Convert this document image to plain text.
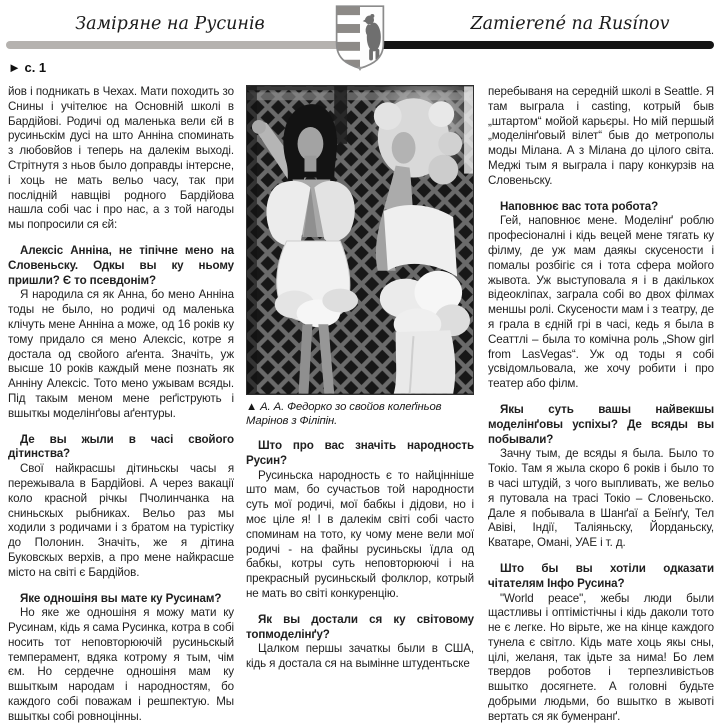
Заміряне на Русинів	Zamierené na Rusínov
► с. 1

йов і подникать в Чехах. Мати походить зо Снины і учітелює на Основній школі в Бардійові. Родичі од маленька вели єй в русиньскім дусі на што Анніна споминать з любовйов і теперь на далекім выході. Стрітнутя з ньов было доправды інтерсне, і хоць не мать вельо часу, так при послідній навщіві родного Бардійова нашла собі час і про нас, а з той нагоды мы попросили ся єй:

Алексіс Анніна, не тіпічне мено на Словеньску. Одкы вы ку ньому пришли? Є то псевдонім?

Я народила ся як Анна, бо мено Анніна тоды не было, но родичі од маленька клічуть мене Анніна а може, од 16 років ку тому придало ся мено Алексіс, котре я достала од свойого аґента. Значіть, уж высше 10 років каждый мене познать як Анніну Алексіс. Тото мено ужывам всяды. Під такым меном мене реґіструють і вшыткы моделінґовы аґентуры.

Де вы жыли в часі свойого дітинства?

Свої найкрасшы дітиньскы часы я пережывала в Бардійові. А через вакації коло красной річкы Пчолинчанка на сниньскых рыбниках. Вельо раз мы ходили з родичами і з братом на турістіку до Полонин. Значіть, же я дітина Буковскых верхів, а про мене найкрасше місто на світі є Бардійов.

Яке одношіня вы мате ку Русинам?

Но яке же одношіня я можу мати ку Русинам, кідь я сама Русинка, котра в собі носить тот неповторюючій русиньскый темперамент, вдяка котрому я тым, чім єм. Но сердечне одношіня мам ку вшыткым народам і народностям, бо каждого собі поважам і решпектую. Мы вшыткы собі ровноцінны.

▲ А. А. Федорко зо свойов колеґіньов Марінов з Філіпін.

Што про вас значіть народность Русин?

Русиньска народность є то найцінніше што мам, бо сучастьов той народности суть мої родичі, мої бабкы і дідови, но і моє ціле я! І в далекім світі собі часто споминам на тото, ку чому мене вели мої родичі - на файны русиньскы їдла од бабкы, котры суть неповторюючі і на прекрасный русиньскый фолклор, котрый не мать во світі конкуренцію.

Як вы достали ся ку світовому топмоделінґу?

Цалком першы зачаткы были в США, кідь я достала ся на вымінне штудентьске

перебываня на середній школі в Seattle. Я там выграла і casting, котрый быв „штартом“ мойой карьєры. Но мій першый „моделінґовый вілет“ быв до метрополы моды Мілана. А з Мілана до цілого світа. Меджі тым я выграла і пару конкурзів на Словеньску.

Наповнює вас тота робота?

Гей, наповнює мене. Моделінґ роблю професіоналні і кідь вецей мене тягать ку філму, де уж мам даякы скусености і помалы розбігіє ся і тота сфера мойого жывота. Уж выступовала я і в дакількох відеокліпах, заграла собі во двох філмах меншы ролі. Скусености мам і з театру, де я грала в єдній грі в часі, кедь я была в Сеаттлі – была то комічна роль „Show girl from LasVegas“. Уж од тоды я собі усвідомльовала, же хочу робити і про театер або філм.

Якы суть вашы найвекшы моделінґовы успіхы? Де всяды вы побывали?

Зачну тым, де всяды я была. Было то Токіо. Там я жыла скоро 6 років і было то в часі штудій, з чого выпливать, же вельо я путовала на трасі Токіо – Словеньско. Дале я побывала в Шанґаї а Беїнґу, Тел Авіві, Індії, Таліяньску, Йорданьску, Кватаре, Омані, УАЕ і т. д.

Што бы вы хотіли одказати чітателям Інфо Русина?

"World peace", жебы люди были щастливы і оптімістічны і кідь даколи тото не є легке. Но вірьте, же на кінце каждого тунела є світло. Кідь мате хоць якы сны, цілі, желаня, так ідьте за нима! Бо лем твердов роботов і терпезливістьов вшытко досягнете. А головні будьте добрыми людьми, бо вшытко в жывоті вертать ся як буменранґ.
